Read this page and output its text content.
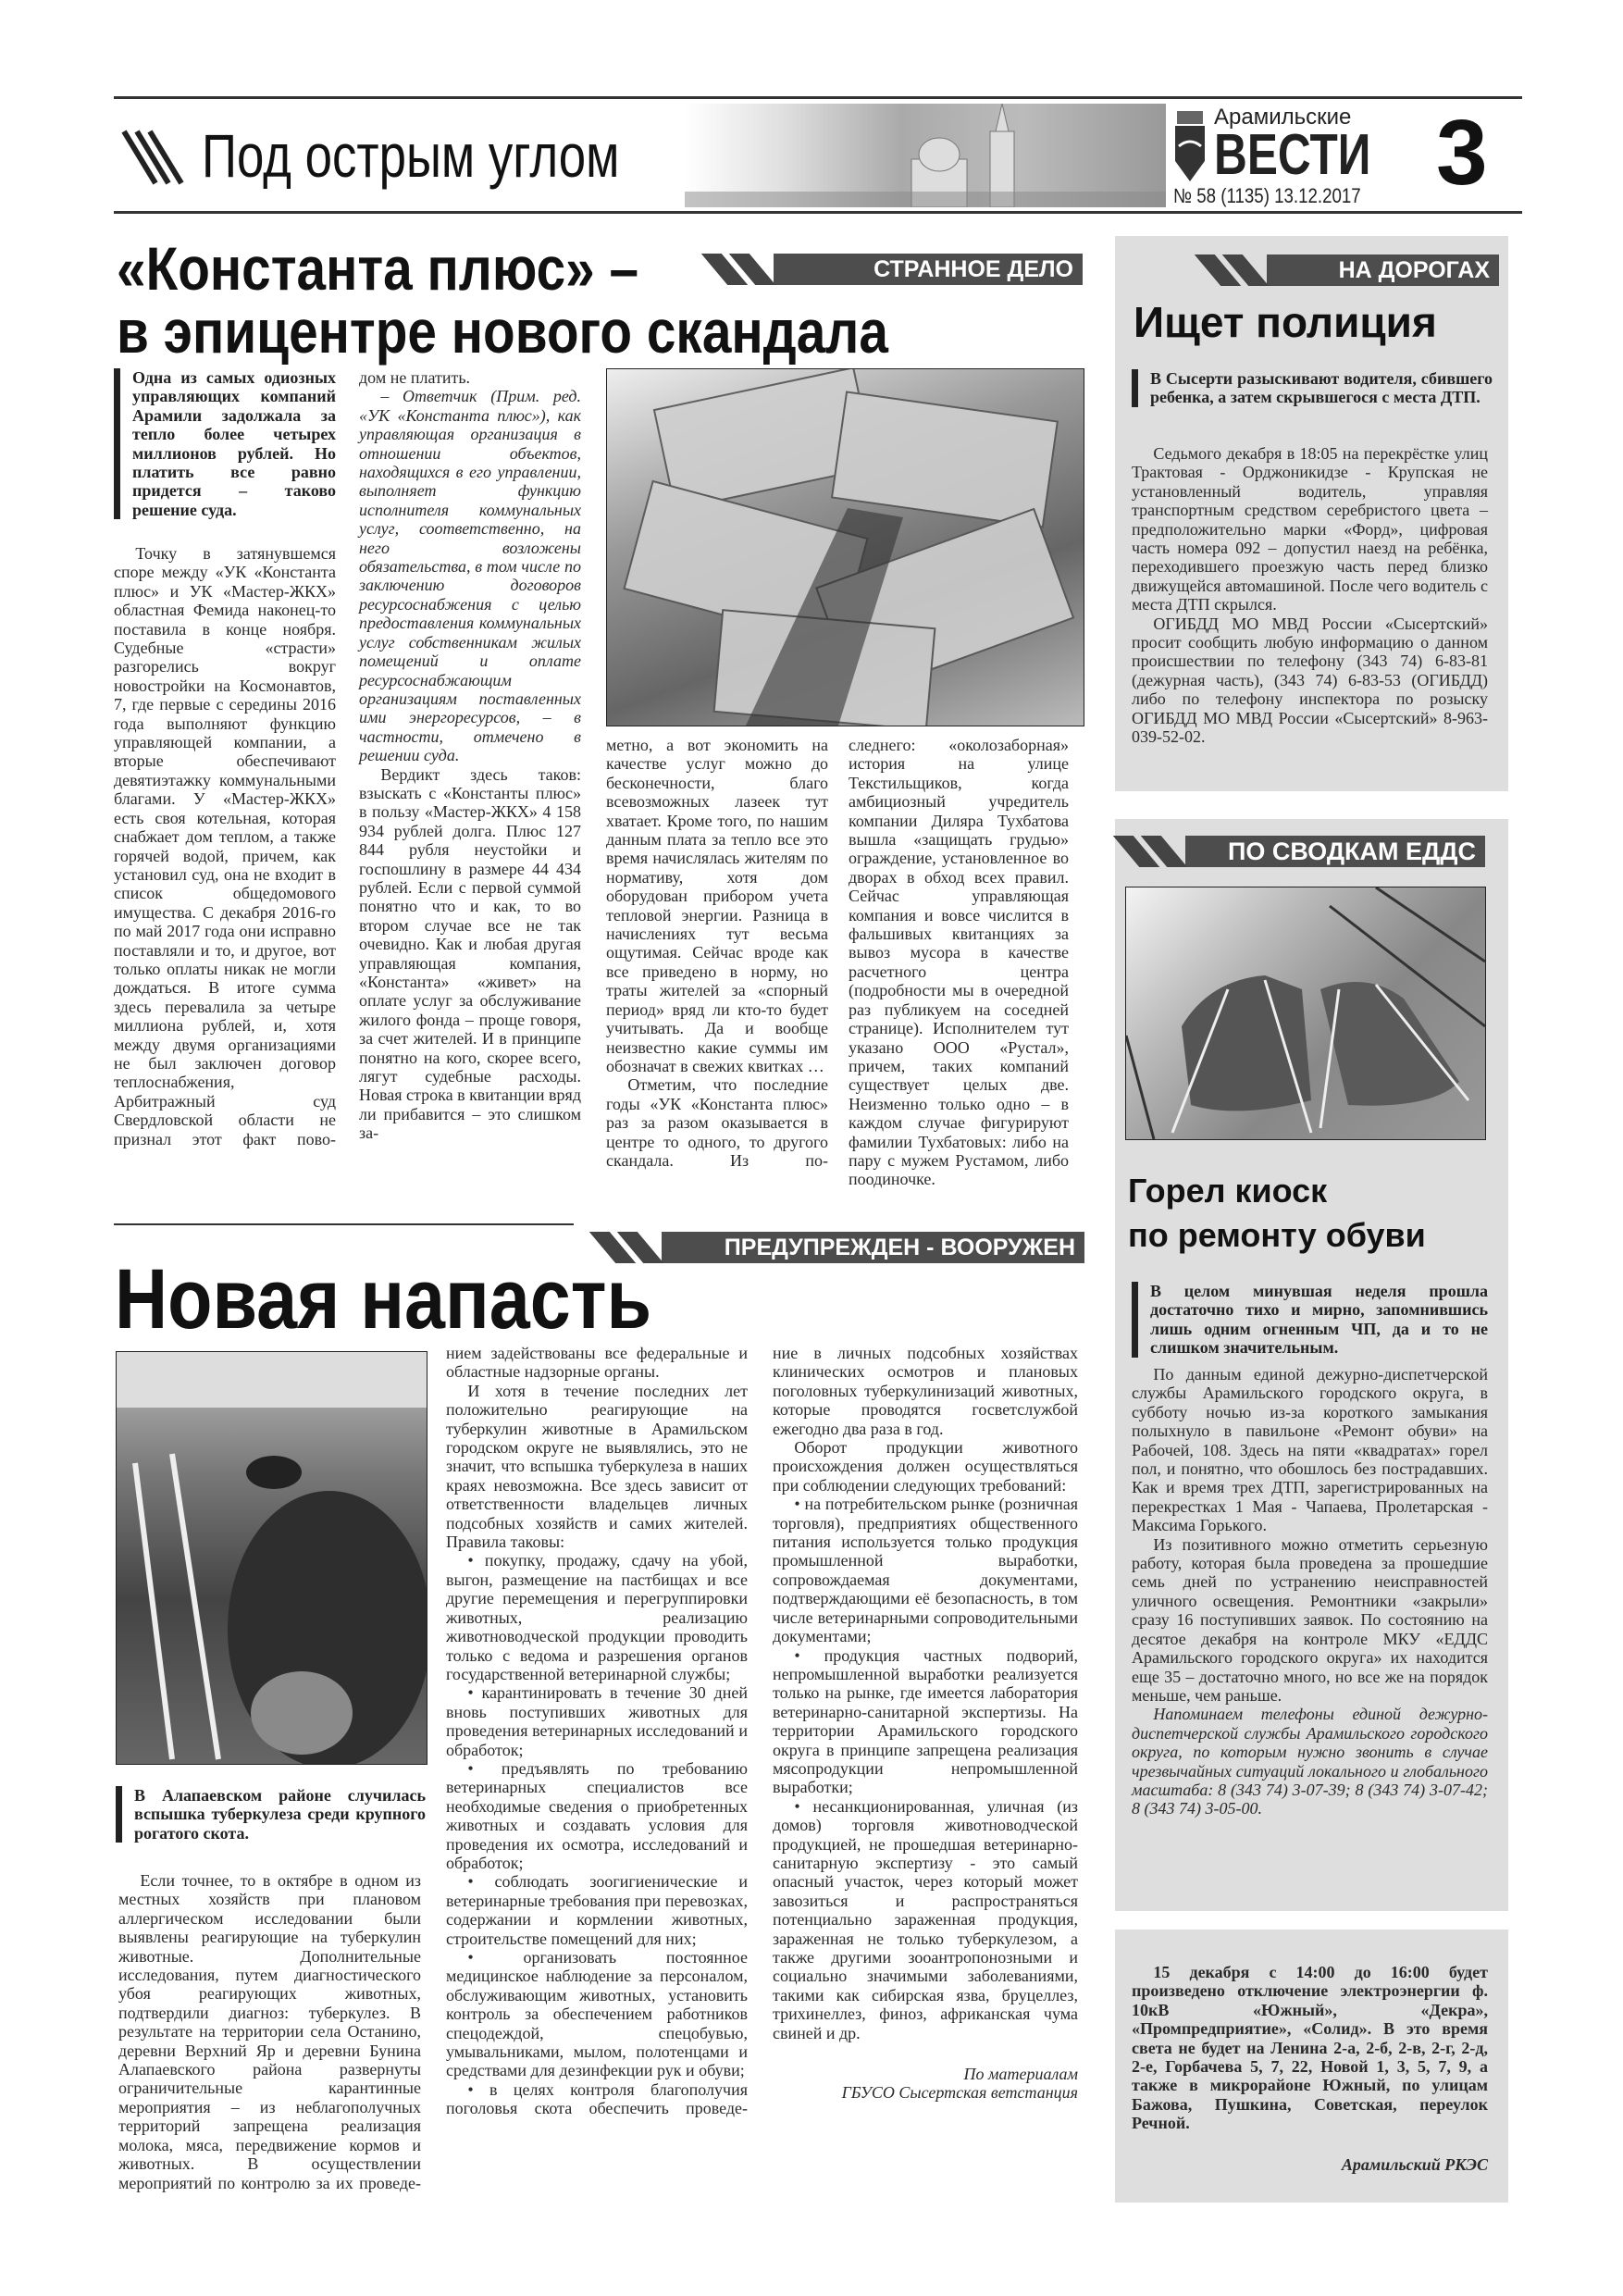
Под острым углом
Арамильские
ВЕСТИ
№ 58 (1135) 13.12.2017 3
«Константа плюс» –
в эпицентре нового скандала
СТРАННОЕ ДЕЛО
Одна из самых одиозных управляющих компаний Арамили задолжала за тепло более четырех миллионов рублей. Но платить все равно придется – таково решение суда.

Точку в затянувшемся споре между «УК «Константа плюс» и УК «Мастер-ЖКХ» областная Фемида наконец-то поставила в конце ноября. Судебные «страсти» разгорелись вокруг новостройки на Космонавтов, 7, где первые с середины 2016 года выполняют функцию управляющей компании, а вторые обеспечивают девятиэтажку коммунальными благами. У «Мастер-ЖКХ» есть своя котельная, которая снабжает дом теплом, а также горячей водой, причем, как установил суд, она не входит в список общедомового имущества. С декабря 2016-го по май 2017 года они исправно поставляли и то, и другое, вот только оплаты никак не могли дождаться. В итоге сумма здесь перевалила за четыре миллиона рублей, и, хотя между двумя организациями не был заключен договор теплоснабжения, Арбитражный суд Свердловской области не признал этот факт пово-

дом не платить.

– Ответчик (Прим. ред. «УК «Константа плюс»), как управляющая организация в отношении объектов, находящихся в его управлении, выполняет функцию исполнителя коммунальных услуг, соответственно, на него возложены обязательства, в том числе по заключению договоров ресурсоснабжения с целью предоставления коммунальных услуг собственникам жилых помещений и оплате ресурсоснабжающим организациям поставленных ими энергоресурсов, – в частности, отмечено в решении суда.

Вердикт здесь таков: взыскать с «Константы плюс» в пользу «Мастер-ЖКХ» 4 158 934 рублей долга. Плюс 127 844 рубля неустойки и госпошлину в размере 44 434 рублей. Если с первой суммой понятно что и как, то во втором случае все не так очевидно. Как и любая другая управляющая компания, «Константа» «живет» на оплате услуг за обслуживание жилого фонда – проще говоря, за счет жителей. И в принципе понятно на кого, скорее всего, лягут судебные расходы. Новая строка в квитанции вряд ли прибавится – это слишком за-

метно, а вот экономить на качестве услуг можно до бесконечности, благо всевозможных лазеек тут хватает. Кроме того, по нашим данным плата за тепло все это время начислялась жителям по нормативу, хотя дом оборудован прибором учета тепловой энергии. Разница в начислениях тут весьма ощутимая. Сейчас вроде как все приведено в норму, но траты жителей за «спорный период» вряд ли кто-то будет учитывать. Да и вообще неизвестно какие суммы им обозначат в свежих квитках …

Отметим, что последние годы «УК «Константа плюс» раз за разом оказывается в центре то одного, то другого скандала. Из по-

следнего: «околозаборная» история на улице Текстильщиков, когда амбициозный учредитель компании Диляра Тухбатова вышла «защищать грудью» ограждение, установленное во дворах в обход всех правил. Сейчас управляющая компания и вовсе числится в фальшивых квитанциях за вывоз мусора в качестве расчетного центра (подробности мы в очередной раз публикуем на соседней странице). Исполнителем тут указано ООО «Рустал», причем, таких компаний существует целых две. Неизменно только одно – в каждом случае фигурируют фамилии Тухбатовых: либо на пару с мужем Рустамом, либо поодиночке.

ПРЕДУПРЕЖДЕН - ВООРУЖЕН
Новая напасть
В Алапаевском районе случилась вспышка туберкулеза среди крупного рогатого скота.

Если точнее, то в октябре в одном из местных хозяйств при плановом аллергическом исследовании были выявлены реагирующие на туберкулин животные. Дополнительные исследования, путем диагностического убоя реагирующих животных, подтвердили диагноз: туберкулез. В результате на территории села Останино, деревни Верхний Яр и деревни Бунина Алапаевского района развернуты ограничительные карантинные мероприятия – из неблагополучных территорий запрещена реализация молока, мяса, передвижение кормов и животных. В осуществлении мероприятий по контролю за их проведе-

нием задействованы все федеральные и областные надзорные органы.

И хотя в течение последних лет положительно реагирующие на туберкулин животные в Арамильском городском округе не выявлялись, это не значит, что вспышка туберкулеза в наших краях невозможна. Все здесь зависит от ответственности владельцев личных подсобных хозяйств и самих жителей. Правила таковы:

• покупку, продажу, сдачу на убой, выгон, размещение на пастбищах и все другие перемещения и перегруппировки животных, реализацию животноводческой продукции проводить только с ведома и разрешения органов государственной ветеринарной службы;

• карантинировать в течение 30 дней вновь поступивших животных для проведения ветеринарных исследований и обработок;

• предъявлять по требованию ветеринарных специалистов все необходимые сведения о приобретенных животных и создавать условия для проведения их осмотра, исследований и обработок;

• соблюдать зоогигиенические и ветеринарные требования при перевозках, содержании и кормлении животных, строительстве помещений для них;

• организовать постоянное медицинское наблюдение за персоналом, обслуживающим животных, установить контроль за обеспечением работников спецодеждой, спецобувью, умывальниками, мылом, полотенцами и средствами для дезинфекции рук и обуви;

• в целях контроля благополучия поголовья скота обеспечить проведе-

ние в личных подсобных хозяйствах клинических осмотров и плановых поголовных туберкулинизаций животных, которые проводятся госветслужбой ежегодно два раза в год.

Оборот продукции животного происхождения должен осуществляться при соблюдении следующих требований:

• на потребительском рынке (розничная торговля), предприятиях общественного питания используется только продукция промышленной выработки, сопровождаемая документами, подтверждающими её безопасность, в том числе ветеринарными сопроводительными документами;

• продукция частных подворий, непромышленной выработки реализуется только на рынке, где имеется лаборатория ветеринарно-санитарной экспертизы. На территории Арамильского городского округа в принципе запрещена реализация мясопродукции непромышленной выработки;

• несанкционированная, уличная (из домов) торговля животноводческой продукцией, не прошедшая ветеринарно-санитарную экспертизу - это самый опасный участок, через который может завозиться и распространяться потенциально зараженная продукция, зараженная не только туберкулезом, а также другими зооантропонозными и социально значимыми заболеваниями, такими как сибирская язва, бруцеллез, трихинеллез, финоз, африканская чума свиней и др.

По материалам

ГБУСО Сысертская ветстанция

НА ДОРОГАХ
Ищет полиция
В Сысерти разыскивают водителя, сбившего ребенка, а затем скрывшегося с места ДТП.

Седьмого декабря в 18:05 на перекрёстке улиц Трактовая - Орджоникидзе - Крупская не установленный водитель, управляя транспортным средством серебристого цвета –предположительно марки «Форд», цифровая часть номера 092 – допустил наезд на ребёнка, переходившего проезжую часть перед близко движущейся автомашиной. После чего водитель с места ДТП скрылся.

ОГИБДД МО МВД России «Сысертский» просит сообщить любую информацию о данном происшествии по телефону (343 74) 6-83-81 (дежурная часть), (343 74) 6-83-53 (ОГИБДД) либо по телефону инспектора по розыску ОГИБДД МО МВД России «Сысертский» 8-963-039-52-02.

ПО СВОДКАМ ЕДДС
Горел киоск
по ремонту обуви
В целом минувшая неделя прошла достаточно тихо и мирно, запомнившись лишь одним огненным ЧП, да и то не слишком значительным.

По данным единой дежурно-диспетчерской службы Арамильского городского округа, в субботу ночью из-за короткого замыкания полыхнуло в павильоне «Ремонт обуви» на Рабочей, 108. Здесь на пяти «квадратах» горел пол, и понятно, что обошлось без пострадавших. Как и время трех ДТП, зарегистрированных на перекрестках 1 Мая - Чапаева, Пролетарская - Максима Горького.

Из позитивного можно отметить серьезную работу, которая была проведена за прошедшие семь дней по устранению неисправностей уличного освещения. Ремонтники «закрыли» сразу 16 поступивших заявок. По состоянию на десятое декабря на контроле МКУ «ЕДДС Арамильского городского округа» их находится еще 35 – достаточно много, но все же на порядок меньше, чем раньше.

Напоминаем телефоны единой дежурно-диспетчерской службы Арамильского городского округа, по которым нужно звонить в случае чрезвычайных ситуаций локального и глобального масштаба: 8 (343 74) 3-07-39; 8 (343 74) 3-07-42; 8 (343 74) 3-05-00.

15 декабря с 14:00 до 16:00 будет произведено отключение электроэнергии ф. 10кВ «Южный», «Декра», «Промпредприятие», «Солид». В это время света не будет на Ленина 2-а, 2-б, 2-в, 2-г, 2-д, 2-е, Горбачева 5, 7, 22, Новой 1, 3, 5, 7, 9, а также в микрорайоне Южный, по улицам Бажова, Пушкина, Советская, переулок Речной.

Арамильский РКЭС
